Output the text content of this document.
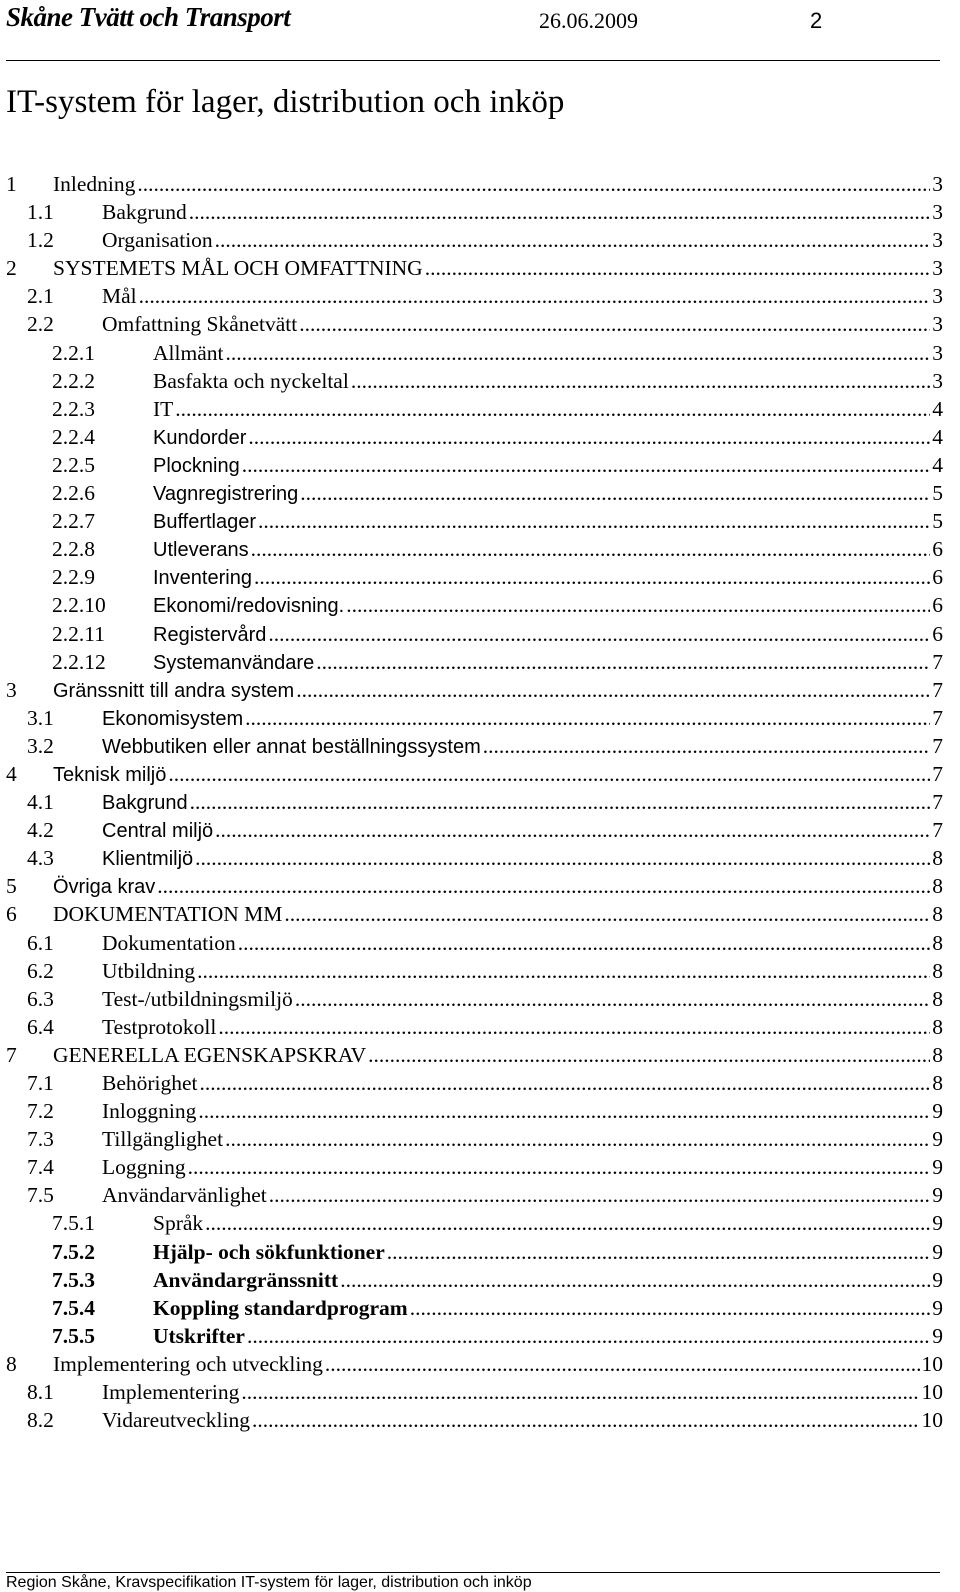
Skåne Tvätt och Transport	26.06.2009	2
IT-system för lager, distribution och inköp
1	Inledning .....	3
1.1	Bakgrund .....	3
1.2	Organisation .....	3
2	SYSTEMETS MÅL OCH OMFATTNING .....	3
2.1	Mål .....	3
2.2	Omfattning Skånetvätt .....	3
2.2.1	Allmänt .....	3
2.2.2	Basfakta och nyckeltal .....	3
2.2.3	IT .....	4
2.2.4	Kundorder .....	4
2.2.5	Plockning .....	4
2.2.6	Vagnregistrering .....	5
2.2.7	Buffertlager .....	5
2.2.8	Utleverans .....	6
2.2.9	Inventering .....	6
2.2.10	Ekonomi/redovisning. .....	6
2.2.11	Registervård .....	6
2.2.12	Systemanvändare .....	7
3	Gränssnitt till andra system .....	7
3.1	Ekonomisystem .....	7
3.2	Webbutiken eller annat beställningssystem .....	7
4	Teknisk miljö .....	7
4.1	Bakgrund .....	7
4.2	Central miljö .....	7
4.3	Klientmiljö .....	8
5	Övriga krav .....	8
6	DOKUMENTATION MM .....	8
6.1	Dokumentation .....	8
6.2	Utbildning .....	8
6.3	Test-/utbildningsmiljö .....	8
6.4	Testprotokoll .....	8
7	GENERELLA EGENSKAPSKRAV .....	8
7.1	Behörighet .....	8
7.2	Inloggning .....	9
7.3	Tillgänglighet .....	9
7.4	Loggning .....	9
7.5	Användarvänlighet .....	9
7.5.1	Språk .....	9
7.5.2	Hjälp- och sökfunktioner .....	9
7.5.3	Användargränssnitt .....	9
7.5.4	Koppling standardprogram .....	9
7.5.5	Utskrifter .....	9
8	Implementering och utveckling .....	10
8.1	Implementering .....	10
8.2	Vidareutveckling .....	10
Region Skåne, Kravspecifikation IT-system för lager, distribution och inköp
